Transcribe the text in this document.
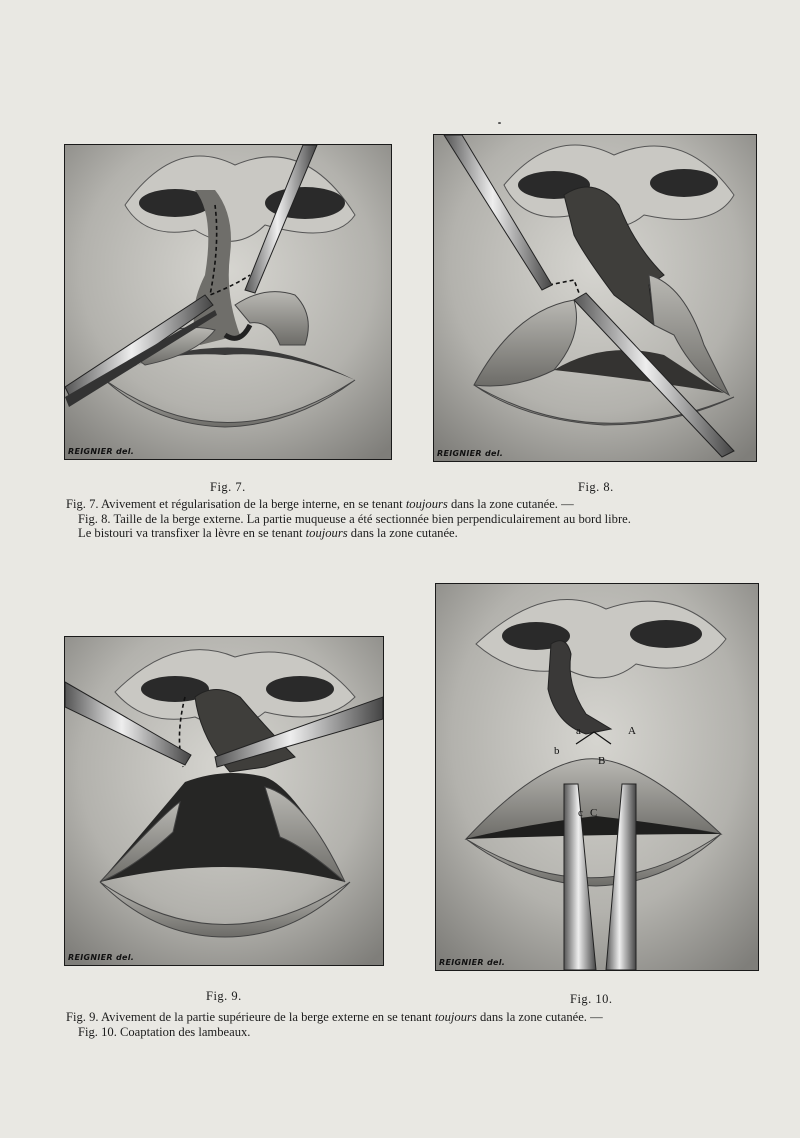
REIGNIER del.	REIGNIER del.
Fig. 7.	Fig. 8.

Fig. 7. Avivement et régularisation de la berge interne, en se tenant toujours dans la zone cutanée. —

Fig. 8. Taille de la berge externe. La partie muqueuse a été sectionnée bien perpendiculairement au bord libre.

Le bistouri va transfixer la lèvre en se tenant toujours dans la zone cutanée.

REIGNIER del.
a	A
b
B
c C
REIGNIER del.
Fig. 9.	Fig. 10.

Fig. 9. Avivement de la partie supérieure de la berge externe en se tenant toujours dans la zone cutanée. —

Fig. 10. Coaptation des lambeaux.
